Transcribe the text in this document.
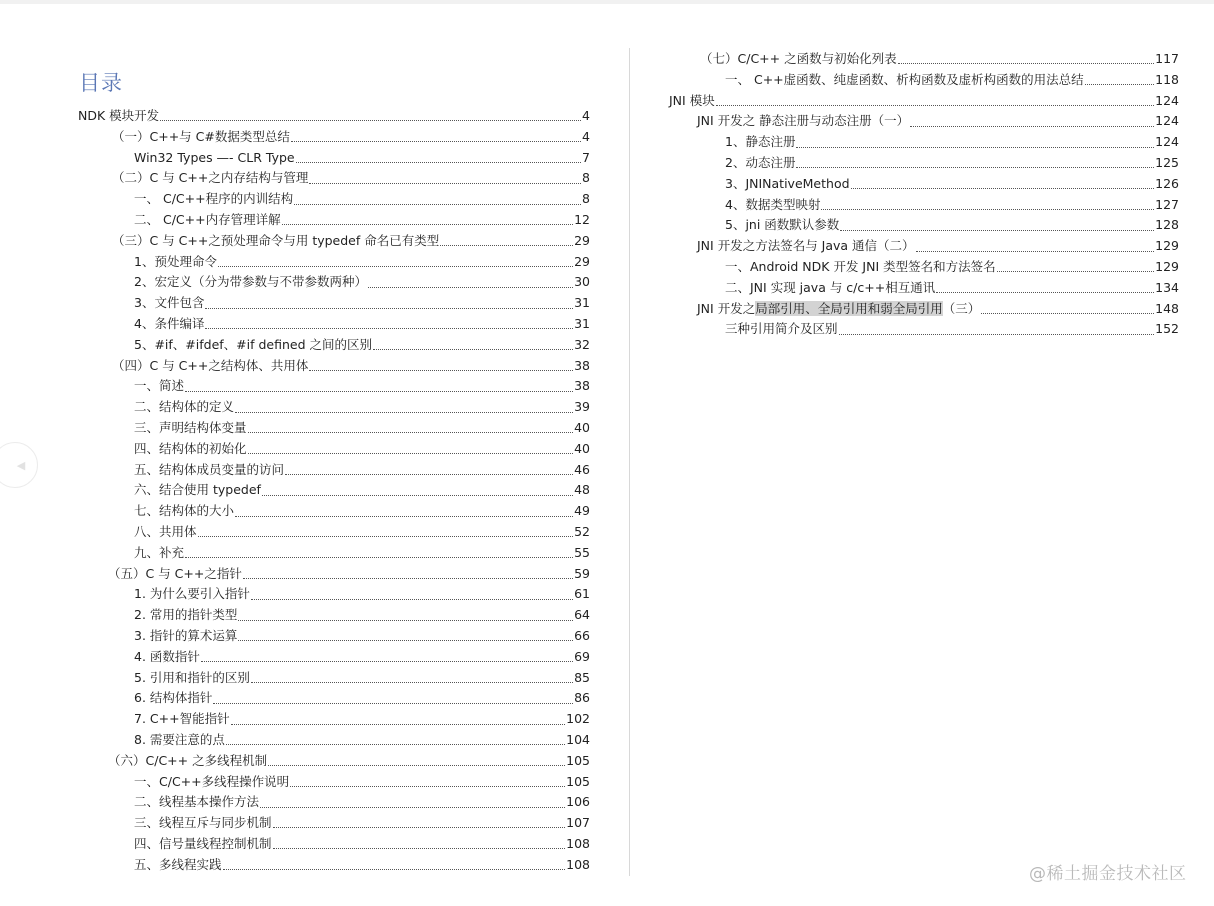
目录
NDK 模块开发	4
（一）C++与 C#数据类型总结	4
Win32 Types —- CLR Type	7
（二）C 与 C++之内存结构与管理	8
一、 C/C++程序的内训结构	8
二、 C/C++内存管理详解	12
（三）C 与 C++之预处理命令与用 typedef 命名已有类型	29
1、预处理命令	29
2、宏定义（分为带参数与不带参数两种）	30
3、文件包含	31
4、条件编译	31
5、#if、#ifdef、#if defined 之间的区别	32
（四）C 与 C++之结构体、共用体	38
一、简述	38
二、结构体的定义	39
三、声明结构体变量	40
四、结构体的初始化	40
五、结构体成员变量的访问	46
六、结合使用 typedef	48
七、结构体的大小	49
八、共用体	52
九、补充	55
（五）C 与 C++之指针	59
1. 为什么要引入指针	61
2. 常用的指针类型	64
3. 指针的算术运算	66
4. 函数指针	69
5. 引用和指针的区别	85
6. 结构体指针	86
7. C++智能指针	102
8. 需要注意的点	104
（六）C/C++ 之多线程机制	105
一、C/C++多线程操作说明	105
二、线程基本操作方法	106
三、线程互斥与同步机制	107
四、信号量线程控制机制	108
五、多线程实践	108
（七）C/C++ 之函数与初始化列表	117
一、 C++虚函数、纯虚函数、析构函数及虚析构函数的用法总结	118
JNI 模块	124
JNI 开发之 静态注册与动态注册（一）	124
1、静态注册	124
2、动态注册	125
3、JNINativeMethod	126
4、数据类型映射	127
5、jni 函数默认参数	128
JNI 开发之方法签名与 Java 通信（二）	129
一、Android NDK 开发 JNI 类型签名和方法签名	129
二、JNI 实现 java 与 c/c++相互通讯	134
JNI 开发之局部引用、全局引用和弱全局引用（三）	148
三种引用简介及区别	152
◀
@稀土掘金技术社区
